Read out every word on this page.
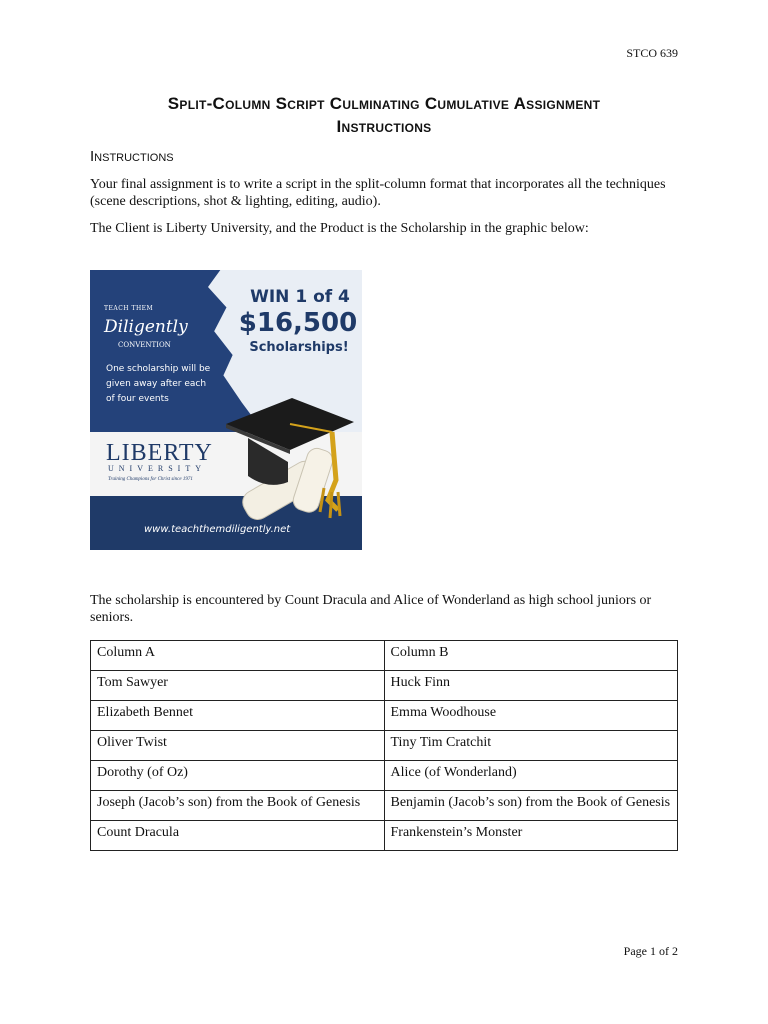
STCO 639
Split-Column Script Culminating Cumulative Assignment
Instructions
Instructions
Your final assignment is to write a script in the split-column format that incorporates all the techniques (scene descriptions, shot & lighting, editing, audio).
The Client is Liberty University, and the Product is the Scholarship in the graphic below:
TEACH THEM
Diligently
CONVENTION
WIN 1 of 4
$16,500
Scholarships!
One scholarship will be
given away after each
of four events
LIBERTY
UNIVERSITY
Training Champions for Christ since 1971
www.teachthemdiligently.net
The scholarship is encountered by Count Dracula and Alice of Wonderland as high school juniors or seniors.
Column A	Column B
Tom Sawyer	Huck Finn
Elizabeth Bennet	Emma Woodhouse
Oliver Twist	Tiny Tim Cratchit
Dorothy (of Oz)	Alice (of Wonderland)
Joseph (Jacob’s son) from the Book of Genesis	Benjamin (Jacob’s son) from the Book of Genesis
Count Dracula	Frankenstein’s Monster
Page 1 of 2
